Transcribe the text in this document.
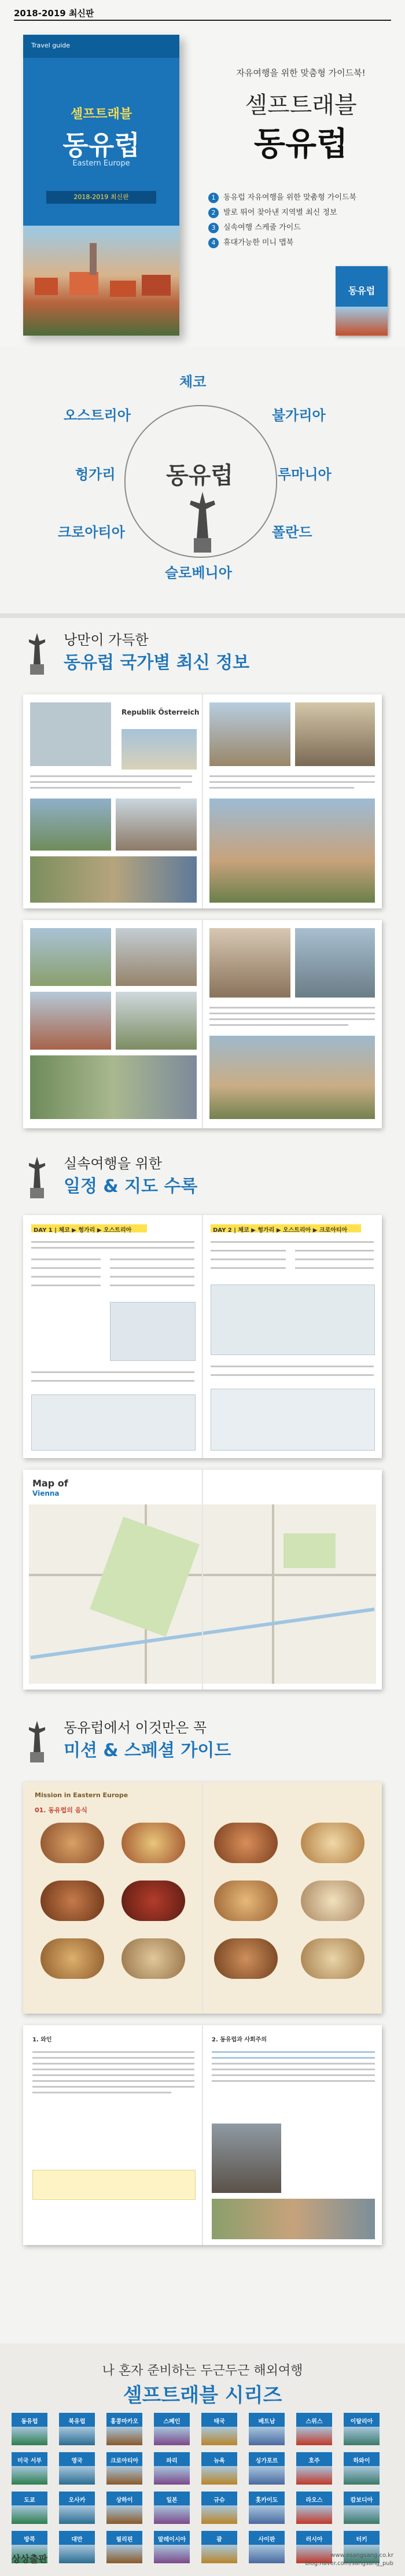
2018-2019 최신판
Travel guide
셀프트래블
동유럽
Eastern Europe
2018-2019 최신판
자유여행을 위한 맞춤형 가이드북!
셀프트래블
동유럽
1 동유럽 자유여행을 위한 맞춤형 가이드북
2 발로 뛰어 찾아낸 지역별 최신 정보
3 실속여행 스케줄 가이드
4 휴대가능한 미니 맵북
동유럽
동유럽
체코
오스트리아	불가리아
헝가리	루마니아
크로아티아	폴란드
슬로베니아
낭만이 가득한
동유럽 국가별 최신 정보
Republik Österreich
실속여행을 위한
일정 & 지도 수록
DAY 1 | 체코 ▶ 헝가리 ▶ 오스트리아	DAY 2 | 체코 ▶ 헝가리 ▶ 오스트리아 ▶ 크로아티아
Map of
Vienna
동유럽에서 이것만은 꼭
미션 & 스페셜 가이드
Mission in Eastern Europe
01. 동유럽의 음식
1. 와인	2. 동유럽과 사회주의
나 혼자 준비하는 두근두근 해외여행
셀프트래블 시리즈
동유럽	북유럽	홍콩마카오	스페인	태국	베트남	스위스	이탈리아
미국 서부	영국	크로아티아	파리	뉴욕	싱가포르	호주	하와이
도쿄	오사카	상하이	일본	규슈	홋카이도	라오스	캄보디아
방콕	대만	필리핀	말레이시아	괌	사이판	러시아	터키
상상출판	www.esangsang.co.kr
blog.naver.com/sangsang_pub
